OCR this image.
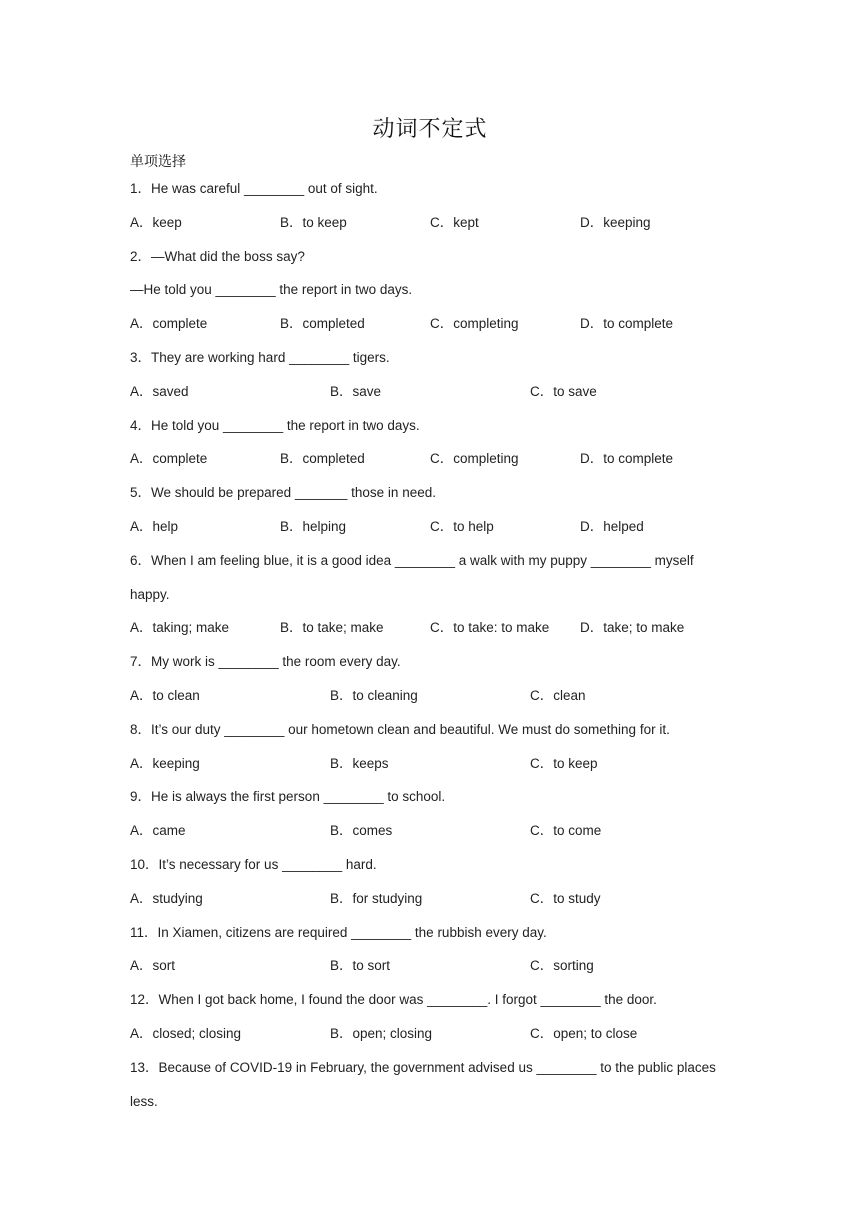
动词不定式
单项选择
1．He was careful ________ out of sight.
A．keep	B．to keep	C．kept	D．keeping
2．—What did the boss say?
—He told you ________ the report in two days.
A．complete	B．completed	C．completing	D．to complete
3．They are working hard ________ tigers.
A．saved	B．save	C．to save
4．He told you ________ the report in two days.
A．complete	B．completed	C．completing	D．to complete
5．We should be prepared _______ those in need.
A．help	B．helping	C．to help	D．helped
6．When I am feeling blue, it is a good idea ________ a walk with my puppy ________ myself
happy.
A．taking; make	B．to take; make	C．to take: to make	D．take; to make
7．My work is ________ the room every day.
A．to clean	B．to cleaning	C．clean
8．It’s our duty ________ our hometown clean and beautiful. We must do something for it.
A．keeping	B．keeps	C．to keep
9．He is always the first person ________ to school.
A．came	B．comes	C．to come
10．It’s necessary for us ________ hard.
A．studying	B．for studying	C．to study
11．In Xiamen, citizens are required ________ the rubbish every day.
A．sort	B．to sort	C．sorting
12．When I got back home, I found the door was ________. I forgot ________ the door.
A．closed; closing	B．open; closing	C．open; to close
13．Because of COVID-19 in February, the government advised us ________ to the public places
less.
